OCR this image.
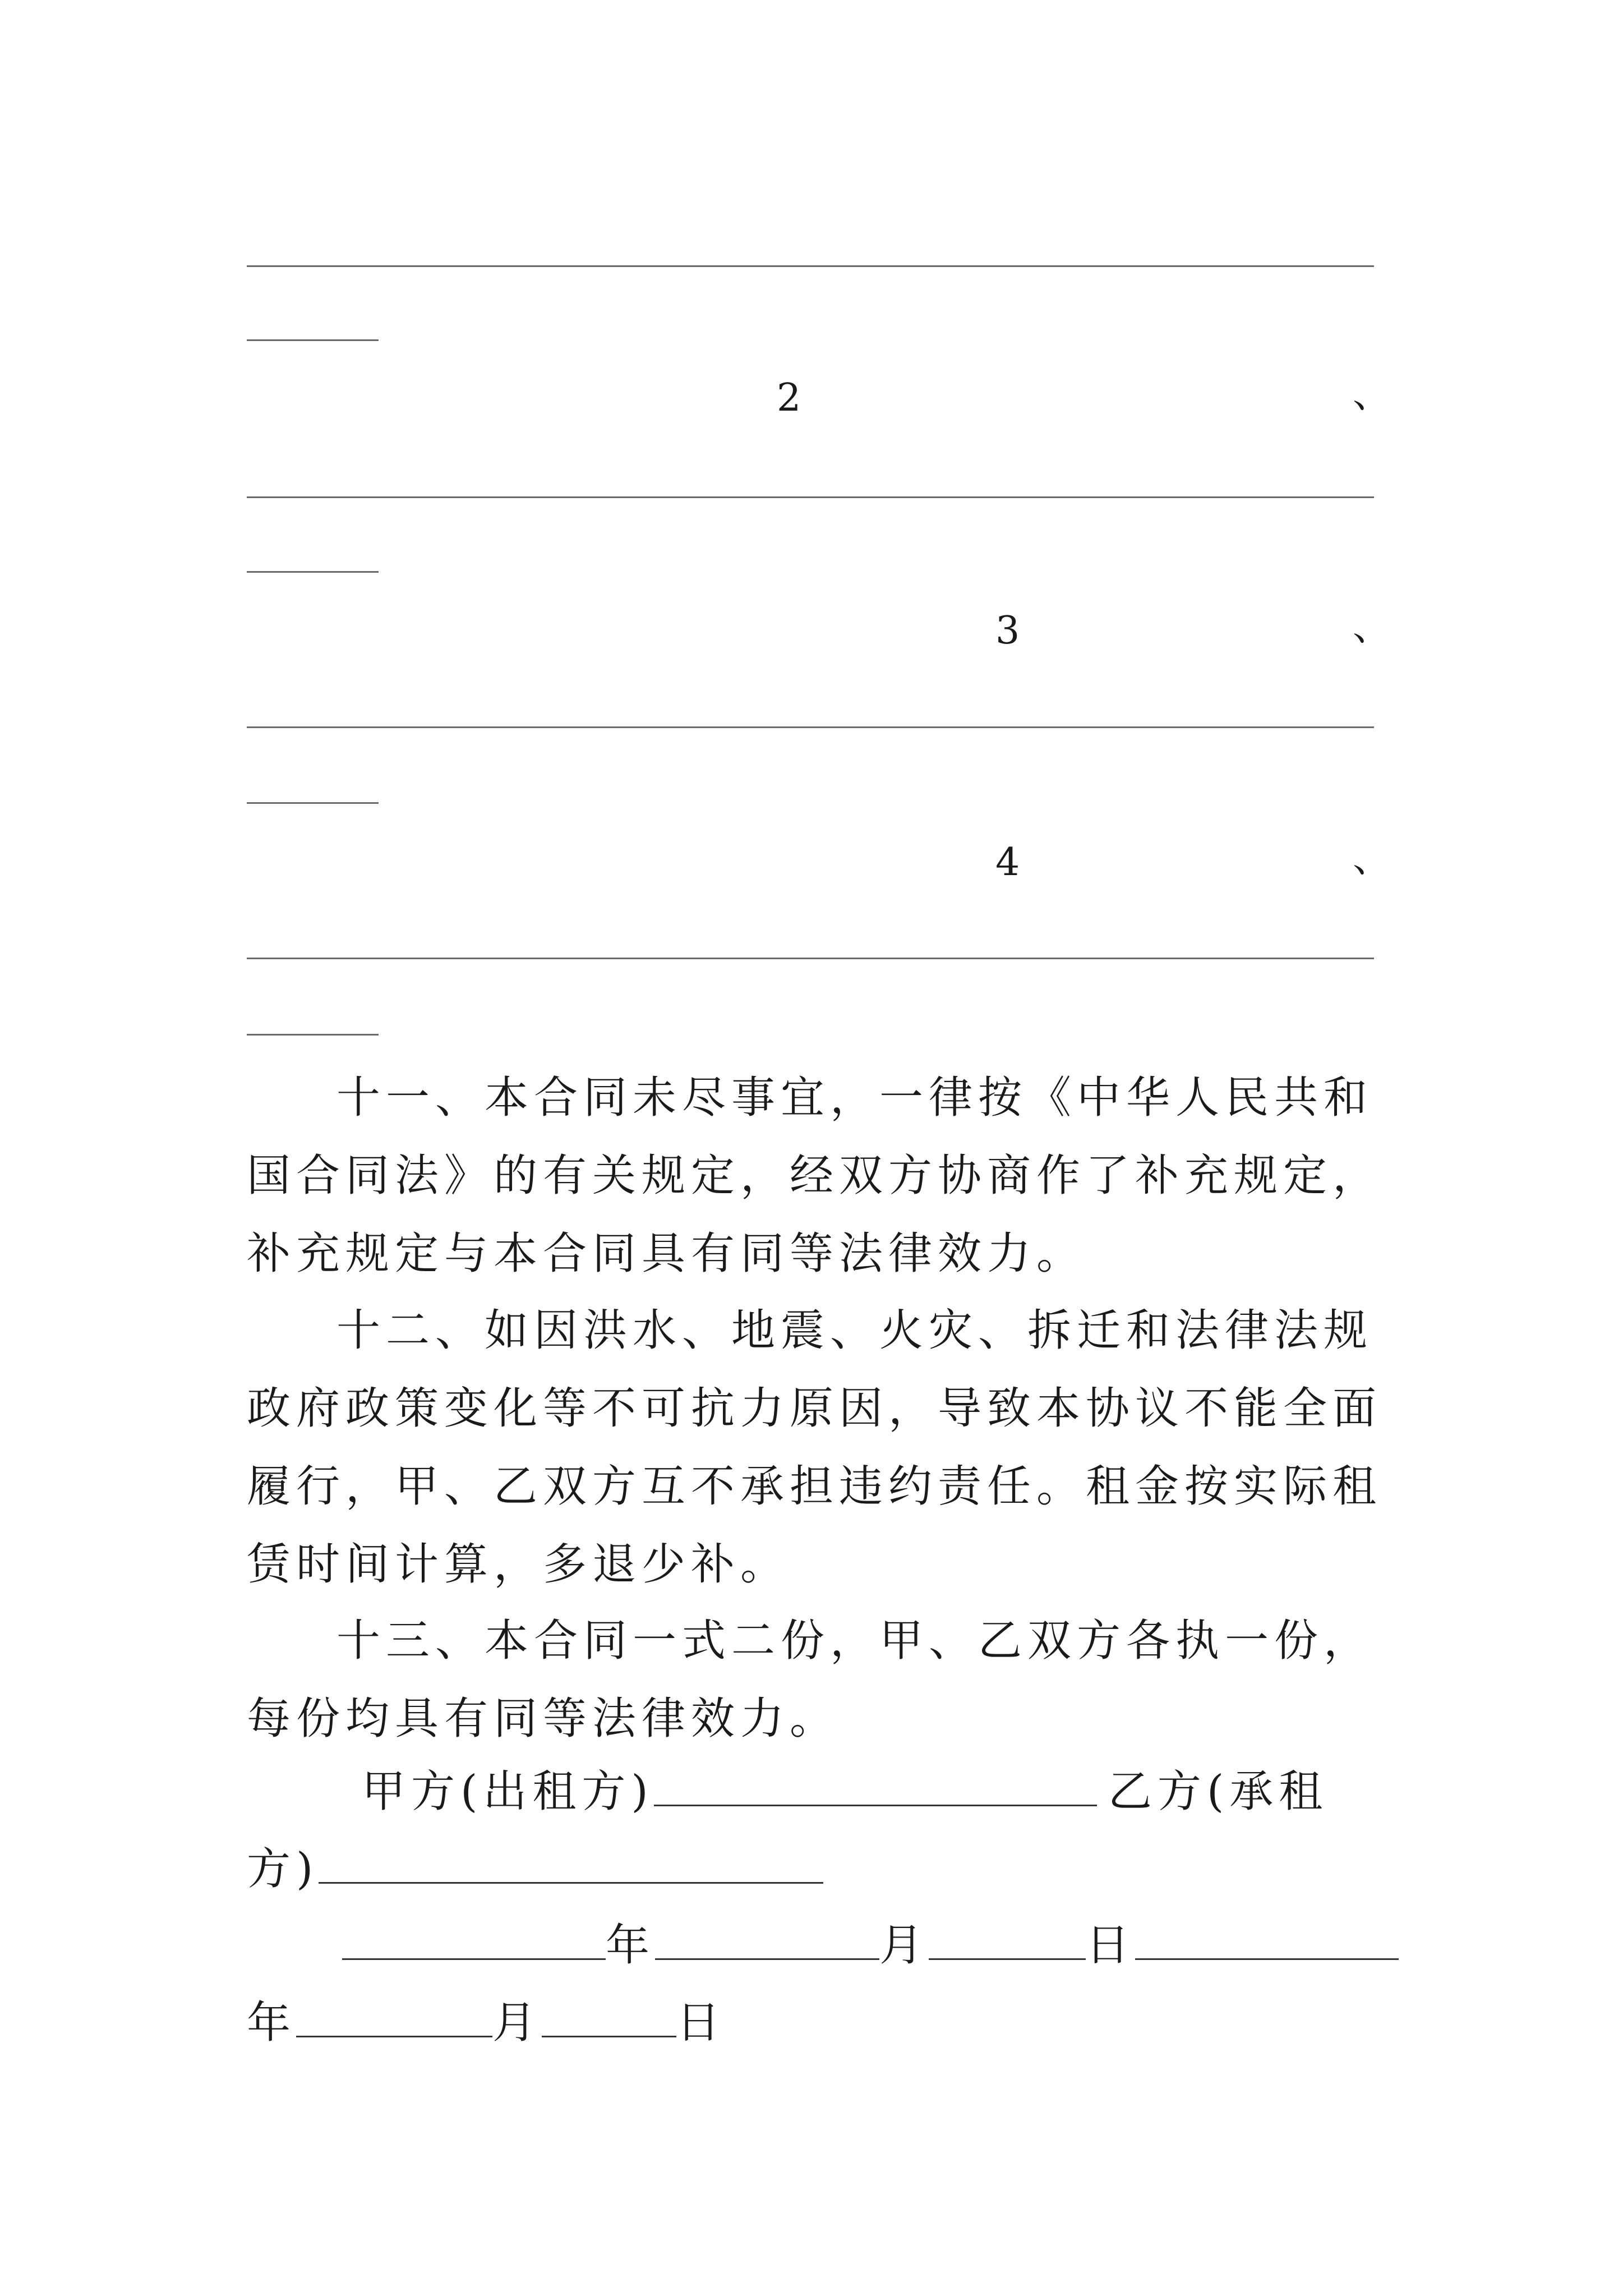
2	、
3	、
4	、

十一、本合同未尽事宜，一律按《中华人民共和国合同法》的有关规定，经双方协商作了补充规定，补充规定与本合同具有同等法律效力。

十二、如因洪水、地震、火灾、拆迁和法律法规政府政策变化等不可抗力原因，导致本协议不能全面履行，甲、乙双方互不承担违约责任。租金按实际租赁时间计算，多退少补。

十三、本合同一式二份，甲、乙双方各执一份，每份均具有同等法律效力。

甲方(出租方)	乙方(承租
方)
年	月	日
年	月	日
